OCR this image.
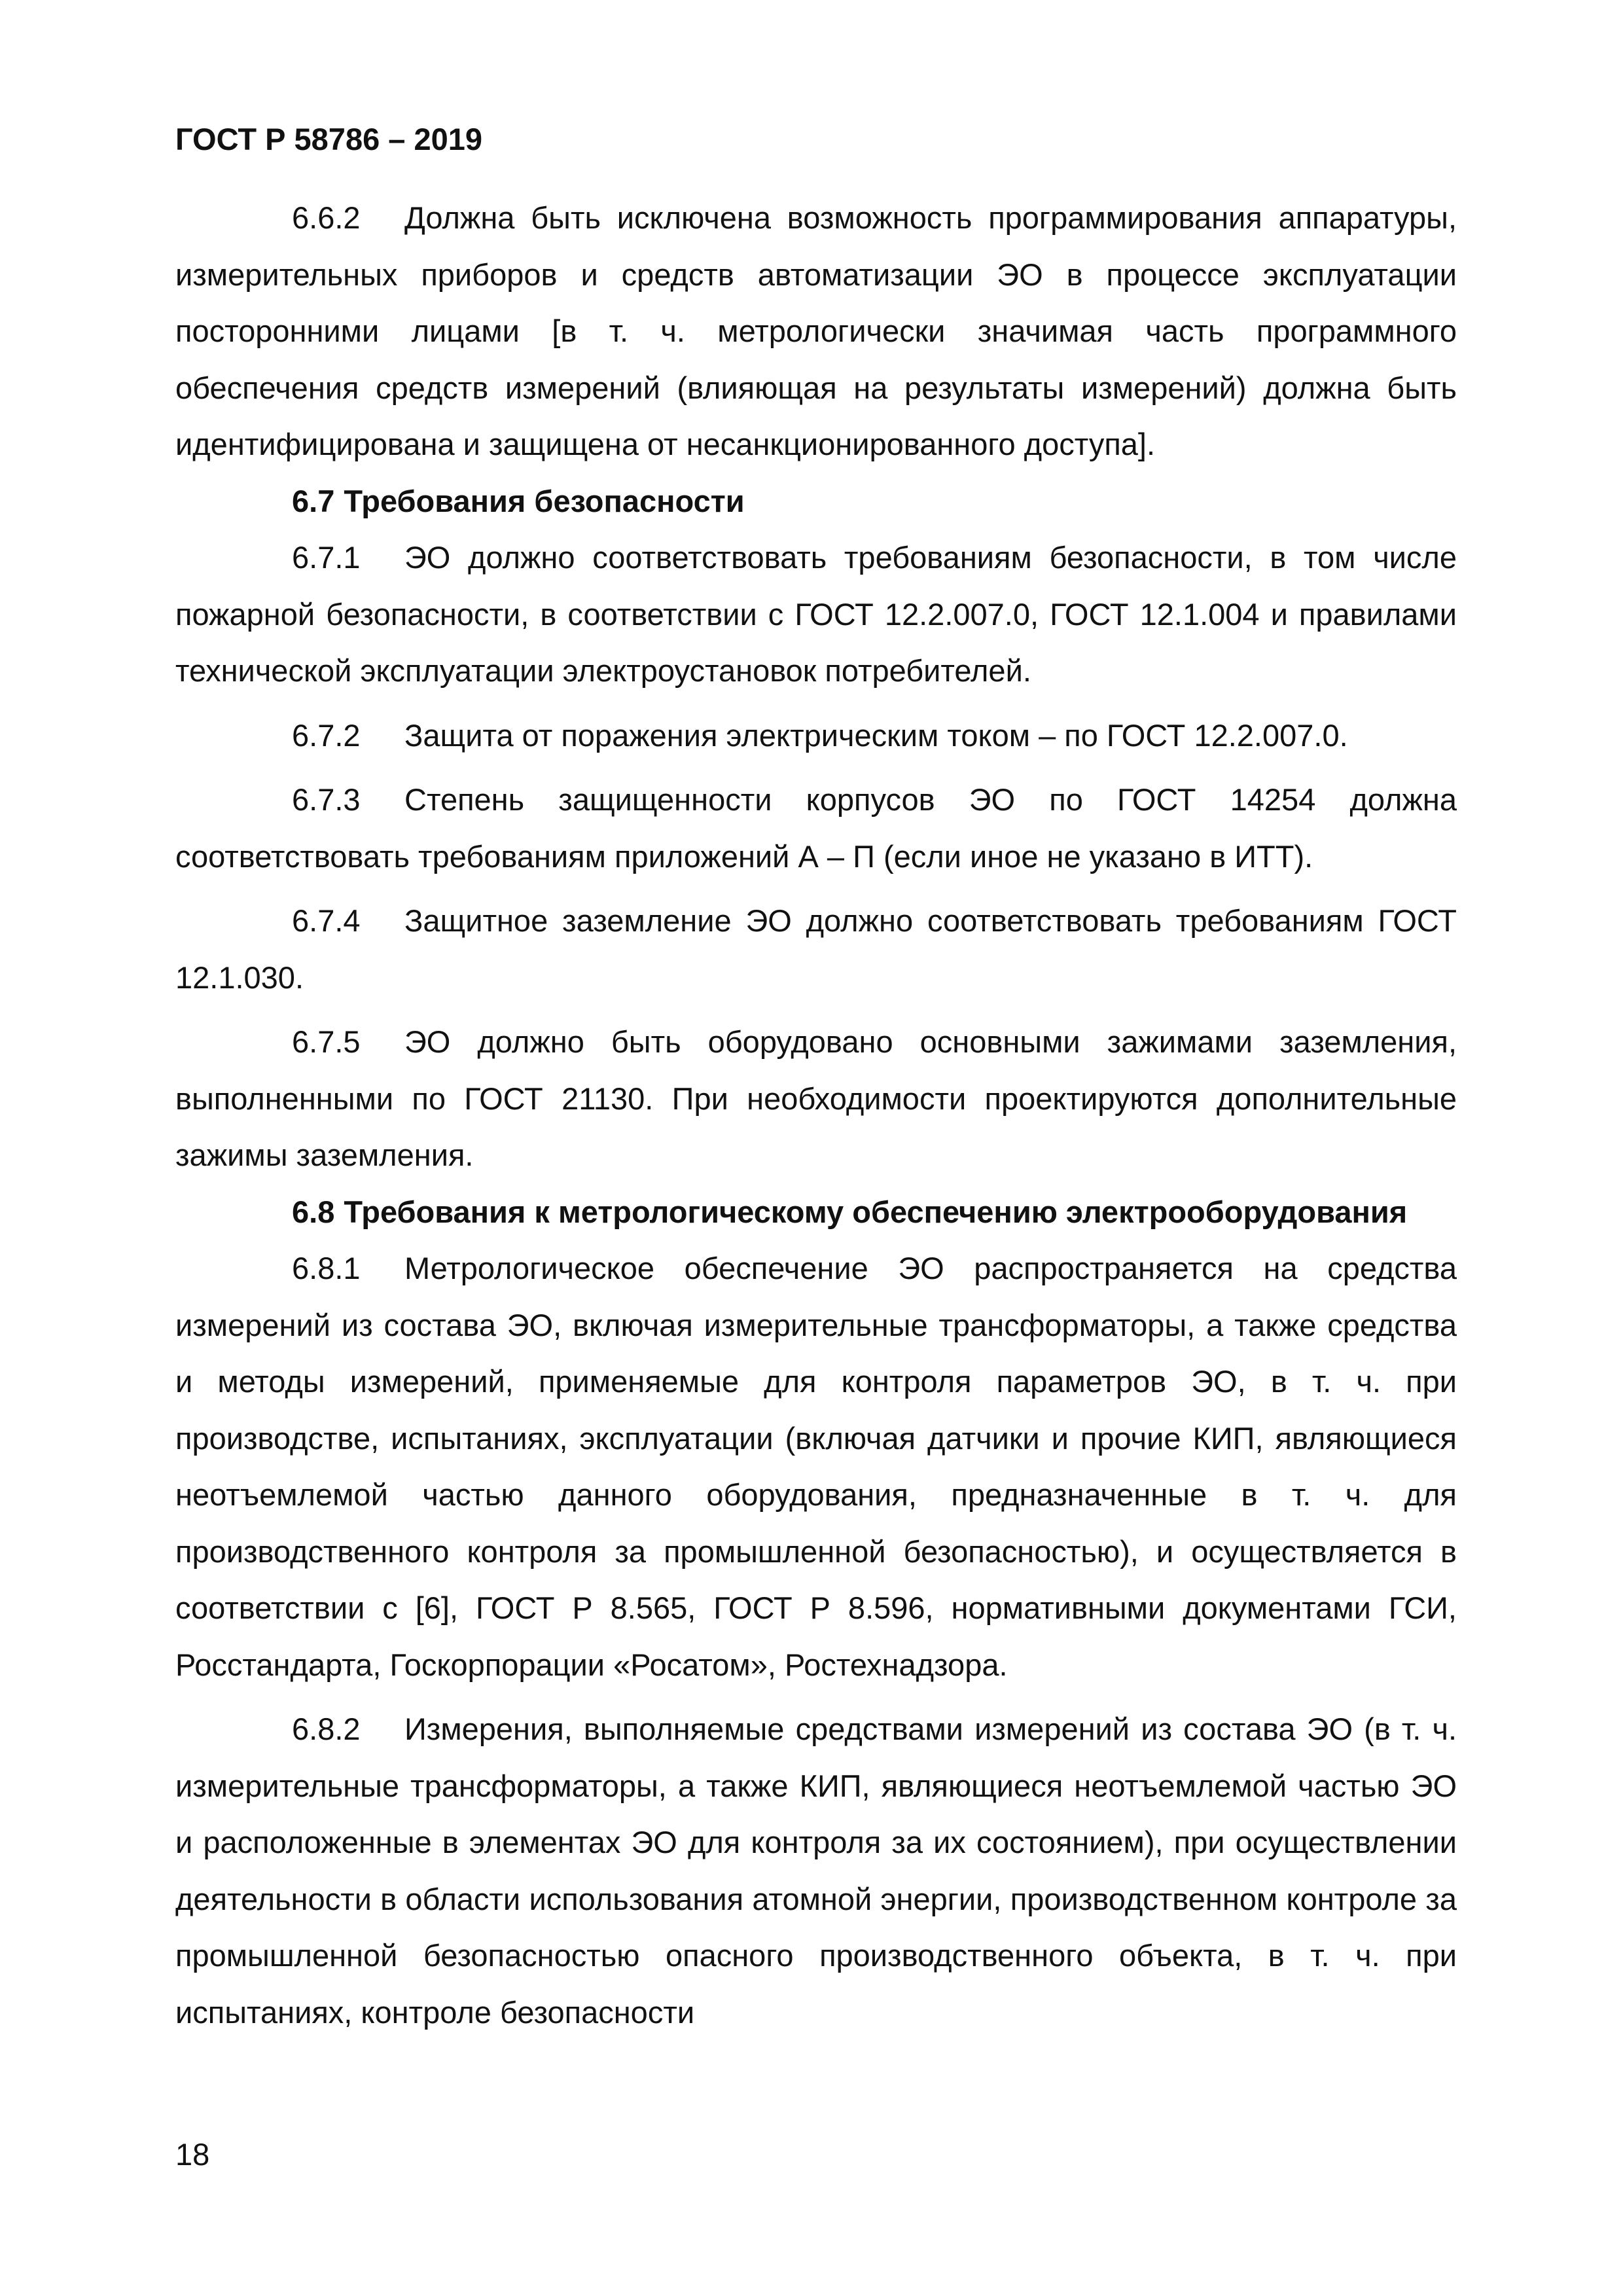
ГОСТ Р 58786 – 2019

6.6.2 Должна быть исключена возможность программирования аппаратуры, измерительных приборов и средств автоматизации ЭО в процессе эксплуатации посторонними лицами [в т. ч. метрологически значимая часть программного обеспечения средств измерений (влияющая на результаты измерений) должна быть идентифицирована и защищена от несанкционированного доступа].

6.7 Требования безопасности

6.7.1 ЭО должно соответствовать требованиям безопасности, в том числе пожарной безопасности, в соответствии с ГОСТ 12.2.007.0, ГОСТ 12.1.004 и правилами технической эксплуатации электроустановок потребителей.

6.7.2 Защита от поражения электрическим током – по ГОСТ 12.2.007.0.

6.7.3 Степень защищенности корпусов ЭО по ГОСТ 14254 должна соответствовать требованиям приложений А – П (если иное не указано в ИТТ).

6.7.4 Защитное заземление ЭО должно соответствовать требованиям ГОСТ 12.1.030.

6.7.5 ЭО должно быть оборудовано основными зажимами заземления, выполненными по ГОСТ 21130. При необходимости проектируются дополнительные зажимы заземления.

6.8 Требования к метрологическому обеспечению электрооборудования

6.8.1 Метрологическое обеспечение ЭО распространяется на средства измерений из состава ЭО, включая измерительные трансформаторы, а также средства и методы измерений, применяемые для контроля параметров ЭО, в т. ч. при производстве, испытаниях, эксплуатации (включая датчики и прочие КИП, являющиеся неотъемлемой частью данного оборудования, предназначенные в т. ч. для производственного контроля за промышленной безопасностью), и осуществляется в соответствии с [6], ГОСТ Р 8.565, ГОСТ Р 8.596, нормативными документами ГСИ, Росстандарта, Госкорпорации «Росатом», Ростехнадзора.

6.8.2 Измерения, выполняемые средствами измерений из состава ЭО (в т. ч. измерительные трансформаторы, а также КИП, являющиеся неотъемлемой частью ЭО и расположенные в элементах ЭО для контроля за их состоянием), при осуществлении деятельности в области использования атомной энергии, производственном контроле за промышленной безопасностью опасного производственного объекта, в т. ч. при испытаниях, контроле безопасности

18
